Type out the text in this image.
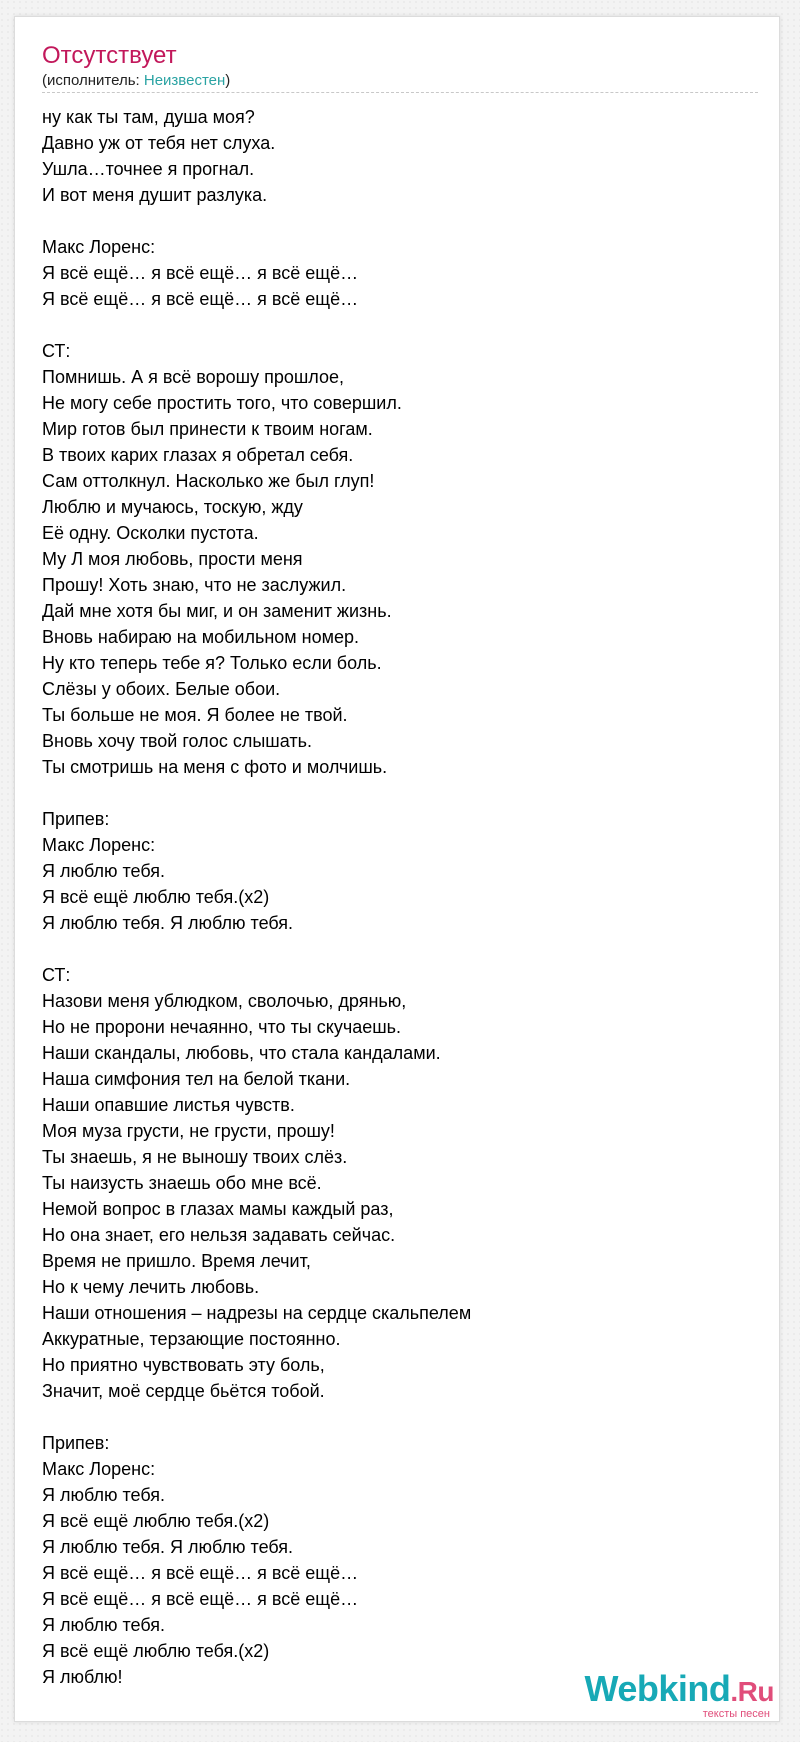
Отсутствует
(исполнитель: Неизвестен)
ну как ты там, душа моя?
Давно уж от тебя нет слуха.
Ушла…точнее я прогнал.
И вот меня душит разлука.

Макс Лоренс:
Я всё ещё… я всё ещё… я всё ещё…
Я всё ещё… я всё ещё… я всё ещё…

СТ:
Помнишь. А я всё ворошу прошлое,
Не могу себе простить того, что совершил.
Мир готов был принести к твоим ногам.
В твоих карих глазах я обретал себя.
Сам оттолкнул. Насколько же был глуп!
Люблю и мучаюсь, тоскую, жду
Её одну. Осколки пустота.
Му Л моя любовь, прости меня
Прошу! Хоть знаю, что не заслужил.
Дай мне хотя бы миг, и он заменит жизнь.
Вновь набираю на мобильном номер.
Ну кто теперь тебе я? Только если боль.
Слёзы у обоих. Белые обои.
Ты больше не моя. Я более не твой.
Вновь хочу твой голос слышать.
Ты смотришь на меня с фото и молчишь.

Припев:
Макс Лоренс:
Я люблю тебя.
Я всё ещё люблю тебя.(x2)
Я люблю тебя. Я люблю тебя.

СТ:
Назови меня ублюдком, сволочью, дрянью,
Но не пророни нечаянно, что ты скучаешь.
Наши скандалы, любовь, что стала кандалами.
Наша симфония тел на белой ткани.
Наши опавшие листья чувств.
Моя муза грусти, не грусти, прошу!
Ты знаешь, я не выношу твоих слёз.
Ты наизусть знаешь обо мне всё.
Немой вопрос в глазах мамы каждый раз,
Но она знает, его нельзя задавать сейчас.
Время не пришло. Время лечит,
Но к чему лечить любовь.
Наши отношения – надрезы на сердце скальпелем
Аккуратные, терзающие постоянно.
Но приятно чувствовать эту боль,
Значит, моё сердце бьётся тобой.

Припев:
Макс Лоренс:
Я люблю тебя.
Я всё ещё люблю тебя.(x2)
Я люблю тебя. Я люблю тебя.
Я всё ещё… я всё ещё… я всё ещё…
Я всё ещё… я всё ещё… я всё ещё…
Я люблю тебя.
Я всё ещё люблю тебя.(x2)
Я люблю!	Webkind.Ru
тексты песен
